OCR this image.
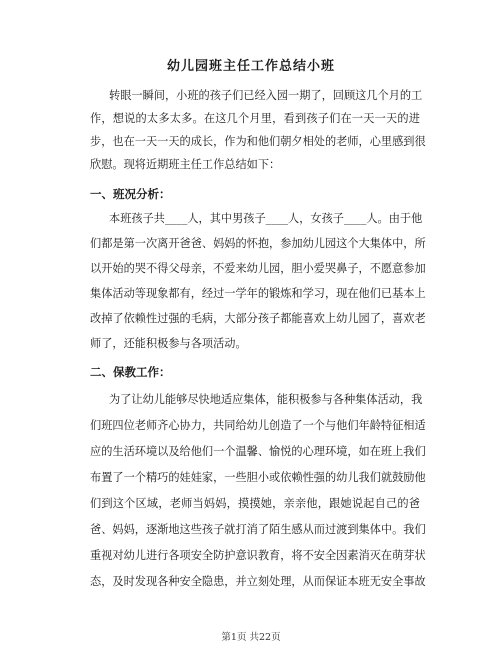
幼儿园班主任工作总结小班
转眼一瞬间，小班的孩子们已经入园一期了，回顾这几个月的工
作，想说的太多太多。在这几个月里，看到孩子们在一天一天的进
步，也在一天一天的成长，作为和他们朝夕相处的老师，心里感到很
欣慰。现将近期班主任工作总结如下：
一、班况分析：
本班孩子共____人，其中男孩子____人，女孩子____人。由于他
们都是第一次离开爸爸、妈妈的怀抱，参加幼儿园这个大集体中，所
以开始的哭不得父母亲，不爱来幼儿园，胆小爱哭鼻子，不愿意参加
集体活动等现象都有，经过一学年的锻炼和学习，现在他们已基本上
改掉了依赖性过强的毛病，大部分孩子都能喜欢上幼儿园了，喜欢老
师了，还能积极参与各项活动。
二、保教工作：
为了让幼儿能够尽快地适应集体，能积极参与各种集体活动，我
们班四位老师齐心协力，共同给幼儿创造了一个与他们年龄特征相适
应的生活环境以及给他们一个温馨、愉悦的心理环境，如在班上我们
布置了一个精巧的娃娃家，一些胆小或依赖性强的幼儿我们就鼓励他
们到这个区域，老师当妈妈，摸摸她，亲亲他，跟她说起自己的爸
爸、妈妈，逐渐地这些孩子就打消了陌生感从而过渡到集体中。我们
重视对幼儿进行各项安全防护意识教育，将不安全因素消灭在萌芽状
态，及时发现各种安全隐患，并立刻处理，从而保证本班无安全事故
第1页 共22页
